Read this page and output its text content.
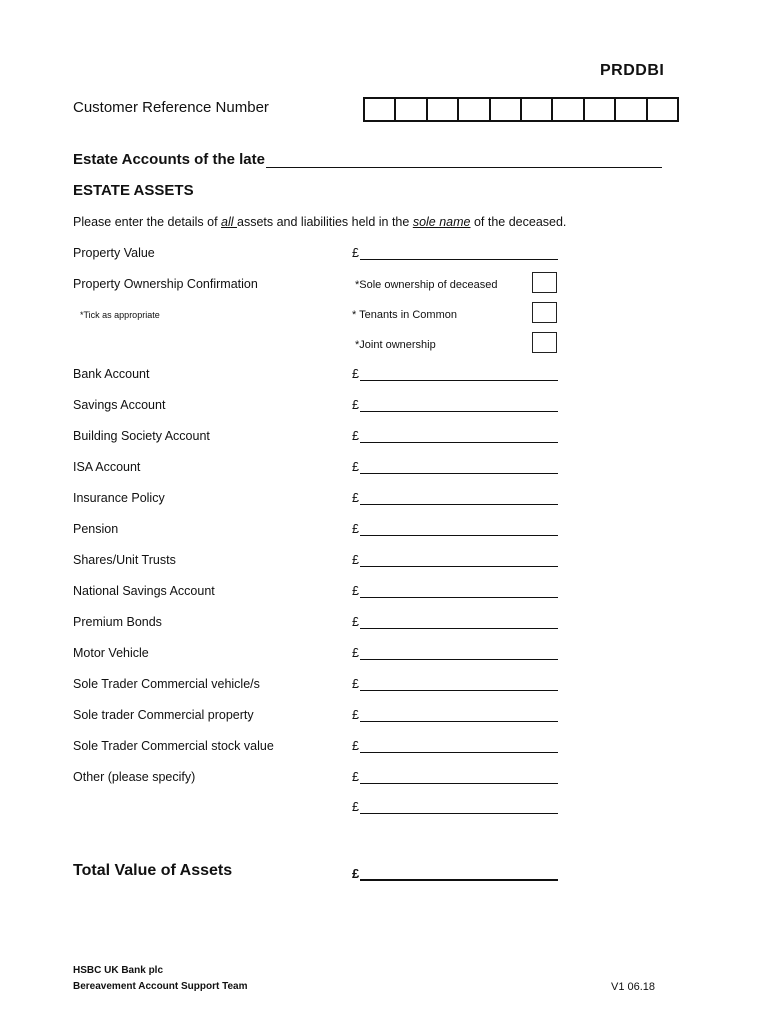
PRDDBI
Customer Reference Number
Estate Accounts of the late
ESTATE ASSETS
Please enter the details of all assets and liabilities held in the sole name of the deceased.
Property Value	£
Property Ownership Confirmation
*Tick as appropriate
*Sole ownership of deceased
* Tenants in Common
*Joint ownership
Bank Account	£
Savings Account	£
Building Society Account	£
ISA Account	£
Insurance Policy	£
Pension	£
Shares/Unit Trusts	£
National Savings Account	£
Premium Bonds	£
Motor Vehicle	£
Sole Trader Commercial vehicle/s	£
Sole trader Commercial property	£
Sole Trader Commercial stock value	£
Other (please specify)	£
£
Total Value of Assets	£
HSBC UK Bank plc
Bereavement Account Support Team	V1 06.18
